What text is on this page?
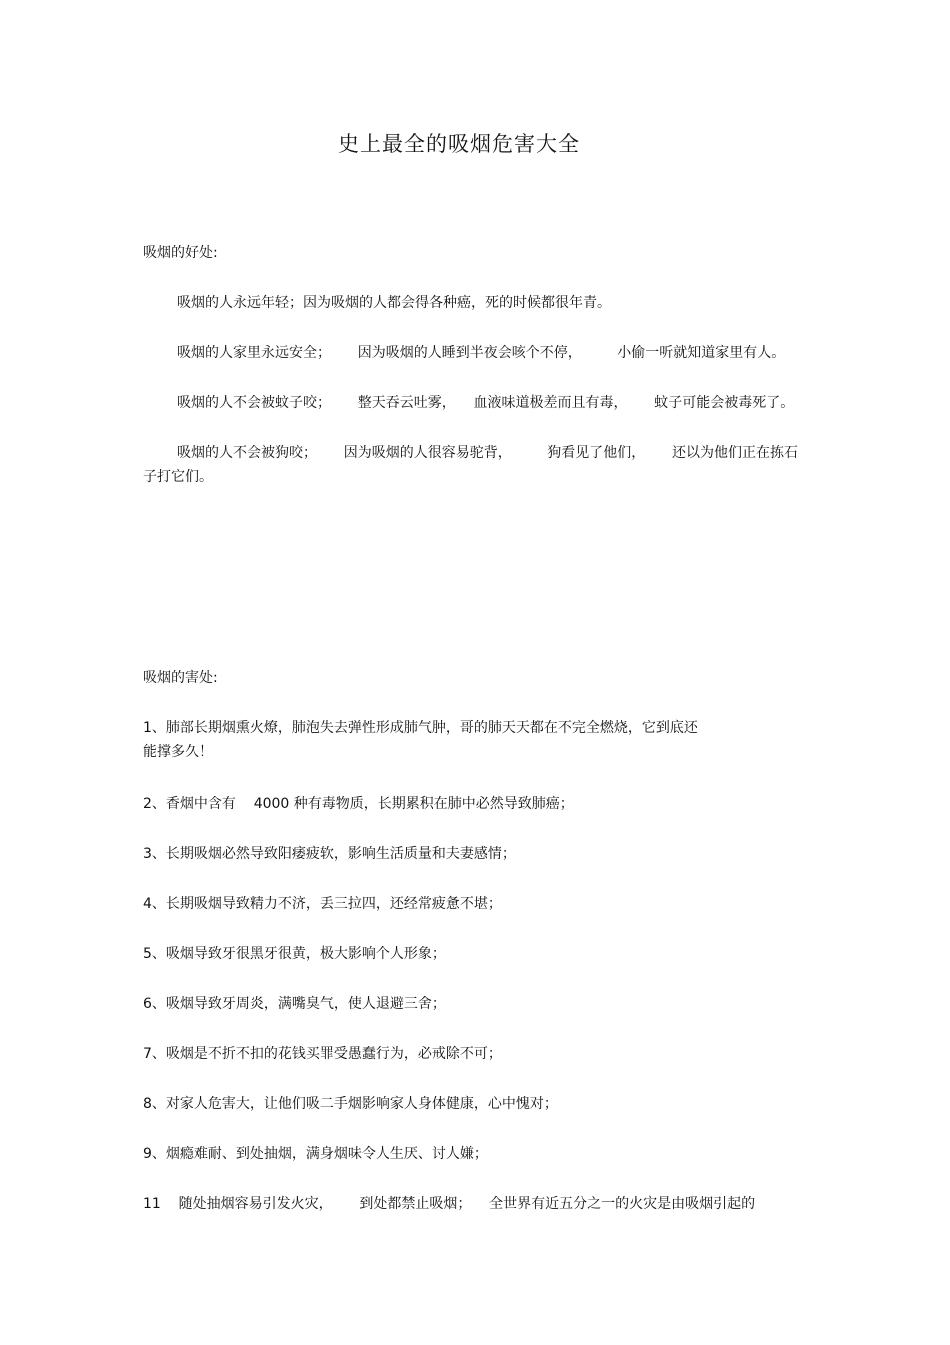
史上最全的吸烟危害大全
吸烟的好处:
吸烟的人永远年轻；因为吸烟的人都会得各种癌，死的时候都很年青。
吸烟的人家里永远安全；      因为吸烟的人睡到半夜会咳个不停，        小偷一听就知道家里有人。
吸烟的人不会被蚊子咬；      整天吞云吐雾，    血液味道极差而且有毒，      蚊子可能会被毒死了。
吸烟的人不会被狗咬；      因为吸烟的人很容易驼背，        狗看见了他们，      还以为他们正在拣石
子打它们。
吸烟的害处:
1、肺部长期烟熏火燎，肺泡失去弹性形成肺气肿，哥的肺天天都在不完全燃烧，它到底还
能撑多久！
2、香烟中含有    4000 种有毒物质，长期累积在肺中必然导致肺癌；
3、长期吸烟必然导致阳痿疲软，影响生活质量和夫妻感情；
4、长期吸烟导致精力不济，丢三拉四，还经常疲惫不堪；
5、吸烟导致牙很黑牙很黄，极大影响个人形象；
6、吸烟导致牙周炎，满嘴臭气，使人退避三舍；
7、吸烟是不折不扣的花钱买罪受愚蠢行为，必戒除不可；
8、对家人危害大，让他们吸二手烟影响家人身体健康，心中愧对；
9、烟瘾难耐、到处抽烟，满身烟味令人生厌、讨人嫌；
11    随处抽烟容易引发火灾，      到处都禁止吸烟；    全世界有近五分之一的火灾是由吸烟引起的
